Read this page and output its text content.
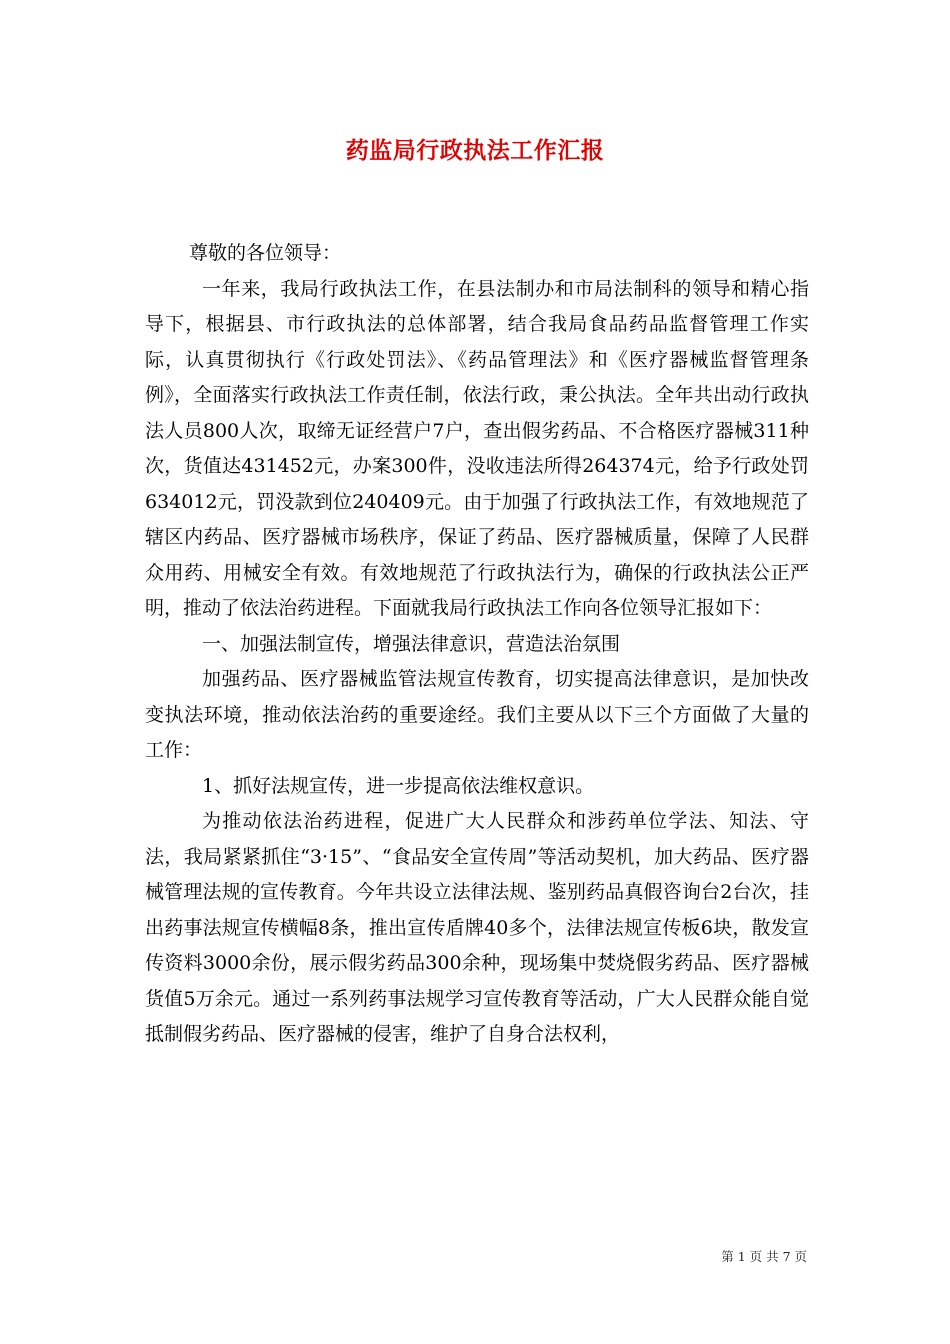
药监局行政执法工作汇报

尊敬的各位领导：

一年来，我局行政执法工作，在县法制办和市局法制科的领导和精心指导下，根据县、市行政执法的总体部署，结合我局食品药品监督管理工作实际，认真贯彻执行《行政处罚法》、《药品管理法》和《医疗器械监督管理条例》，全面落实行政执法工作责任制，依法行政，秉公执法。全年共出动行政执法人员800人次，取缔无证经营户7户，查出假劣药品、不合格医疗器械311种次，货值达431452元，办案300件，没收违法所得264374元，给予行政处罚634012元，罚没款到位240409元。由于加强了行政执法工作，有效地规范了辖区内药品、医疗器械市场秩序，保证了药品、医疗器械质量，保障了人民群众用药、用械安全有效。有效地规范了行政执法行为，确保的行政执法公正严明，推动了依法治药进程。下面就我局行政执法工作向各位领导汇报如下：

一、加强法制宣传，增强法律意识，营造法治氛围

加强药品、医疗器械监管法规宣传教育，切实提高法律意识，是加快改变执法环境，推动依法治药的重要途经。我们主要从以下三个方面做了大量的工作：

1、抓好法规宣传，进一步提高依法维权意识。

为推动依法治药进程，促进广大人民群众和涉药单位学法、知法、守法，我局紧紧抓住“3·15”、“食品安全宣传周”等活动契机，加大药品、医疗器械管理法规的宣传教育。今年共设立法律法规、鉴别药品真假咨询台2台次，挂出药事法规宣传横幅8条，推出宣传盾牌40多个，法律法规宣传板6块，散发宣传资料3000余份，展示假劣药品300余种，现场集中焚烧假劣药品、医疗器械货值5万余元。通过一系列药事法规学习宣传教育等活动，广大人民群众能自觉抵制假劣药品、医疗器械的侵害，维护了自身合法权利，

第 1 页 共 7 页
